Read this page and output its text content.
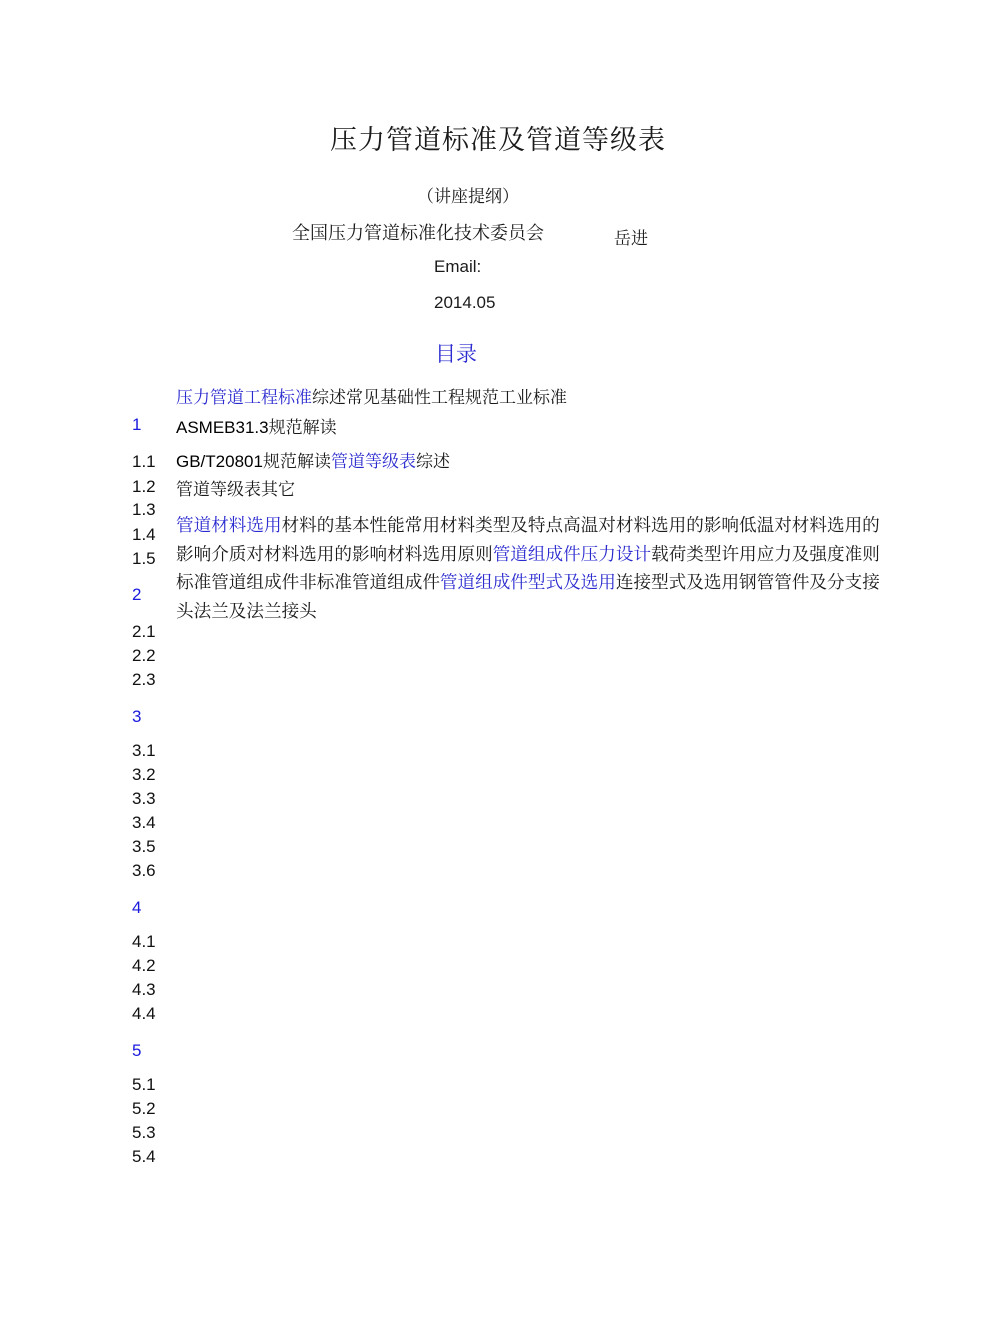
压力管道标准及管道等级表
（讲座提纲）
全国压力管道标准化技术委员会	岳进
Email:
2014.05
目录
压力管道工程标准综述常见基础性工程规范工业标准
ASMEB31.3规范解读
GB/T20801规范解读管道等级表综述
管道等级表其它
管道材料选用材料的基本性能常用材料类型及特点高温对材料选用的影响低温对材料选用的影响介质对材料选用的影响材料选用原则管道组成件压力设计载荷类型许用应力及强度准则标准管道组成件非标准管道组成件管道组成件型式及选用连接型式及选用钢管管件及分支接头法兰及法兰接头
1
1.1
1.2
1.3
1.4
1.5
2
2.1
2.2
2.3
3
3.1
3.2
3.3
3.4
3.5
3.6
4
4.1
4.2
4.3
4.4
5
5.1
5.2
5.3
5.4
